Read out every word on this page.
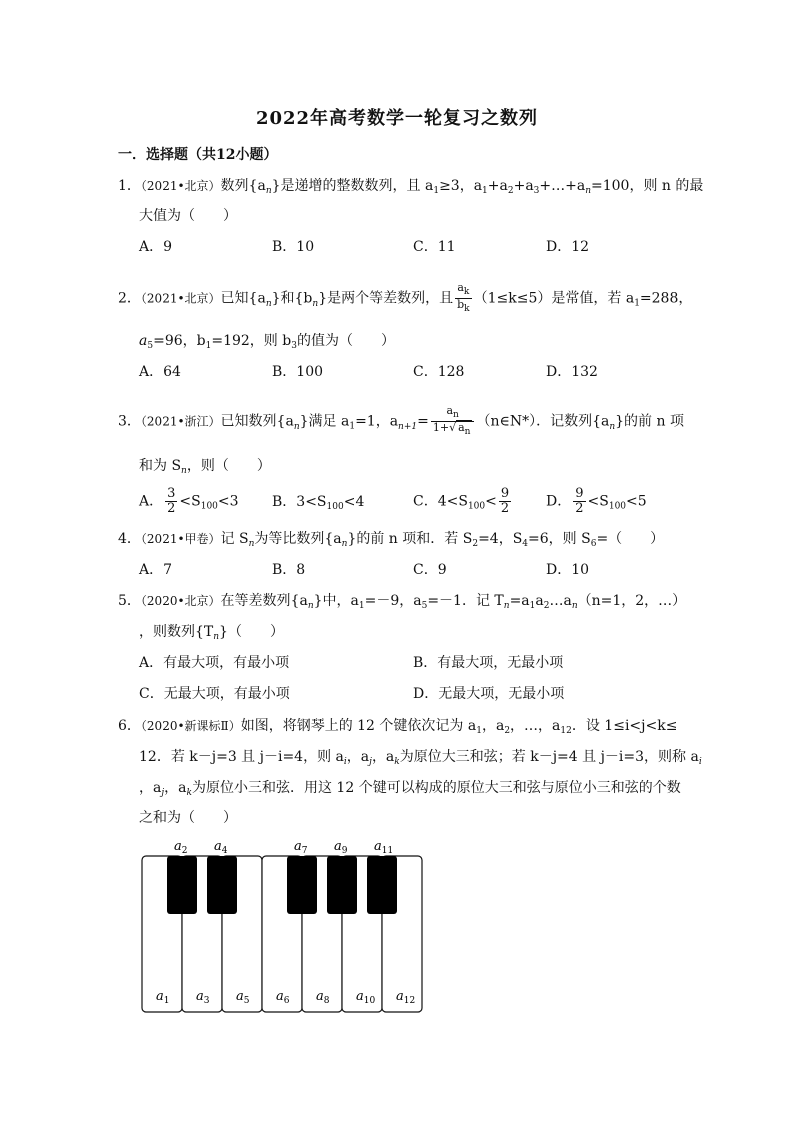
2022年高考数学一轮复习之数列
一．选择题（共12小题）
1．（2021•北京）数列$\{a_n\}$是递增的整数数列，且 $a_1\ge 3$，$a_1+a_2+a_3+\dots+a_n=100$，则 n 的最
大值为（　　）
A．9	B．10	C．11	D．12
2．（2021•北京）已知$\{a_n\}$和$\{b_n\}$是两个等差数列，且 $\frac{a_k}{b_k} (1\le k\le 5)$是常值，若 $a_1=288$，
$a_5=96$，$b_1=192$，则 $b_3$的值为（　　）
A．64	B．100	C．128	D．132
3．（2021•浙江）已知数列$\{a_n\}$满足 $a_1=1$，$a_{n+1}= \frac{a_n}{1+√ a_n}$ （n∈N*）．记数列$\{a_n\}$的前 n 项
和为 $S_n$，则（　　）
A． $\frac{3}{2} <S_{100}<3$ B．$3<S_{100}<4$	C．$4<S_{100}< \frac{9}{2}$ D． $\frac{9}{2} <S_{100}<5$
4．（2021•甲卷）记 $S_n$为等比数列$\{a_n\}$的前 n 项和．若 $S_2=4$，$S_4=6$，则 $S_6=$（　　）
A．7	B．8	C．9	D．10
5．（2020•北京）在等差数列$\{a_n\}$中，$a_1=-9$，$a_5=-1$．记 $T_n=a_1a_2\dots a_n(n=1$，2，…）
，则数列$\{T_n\}$（　　）
A．有最大项，有最小项	B．有最大项，无最小项
C．无最大项，有最小项	D．无最大项，无最小项
6．（2020•新课标Ⅱ）如图，将钢琴上的 12 个键依次记为 $a_1$，$a_2$，…，$a_{12}$．设 1≤i<j<k≤
12．若 k－j=3 且 j－i=4，则 $a_i$，$a_j$，$a_k$为原位大三和弦；若 k－j=4 且 j－i=3，则称 $a_i$
，$a_j$，$a_k$为原位小三和弦．用这 12 个键可以构成的原位大三和弦与原位小三和弦的个数
之和为（　　）
$a_1$ $a_3$ $a_5$ $a_6$ $a_8$ $a_{10}$ $a_{12}$
$a_2$ $a_4$	$a_7$ $a_9$ $a_{11}$
